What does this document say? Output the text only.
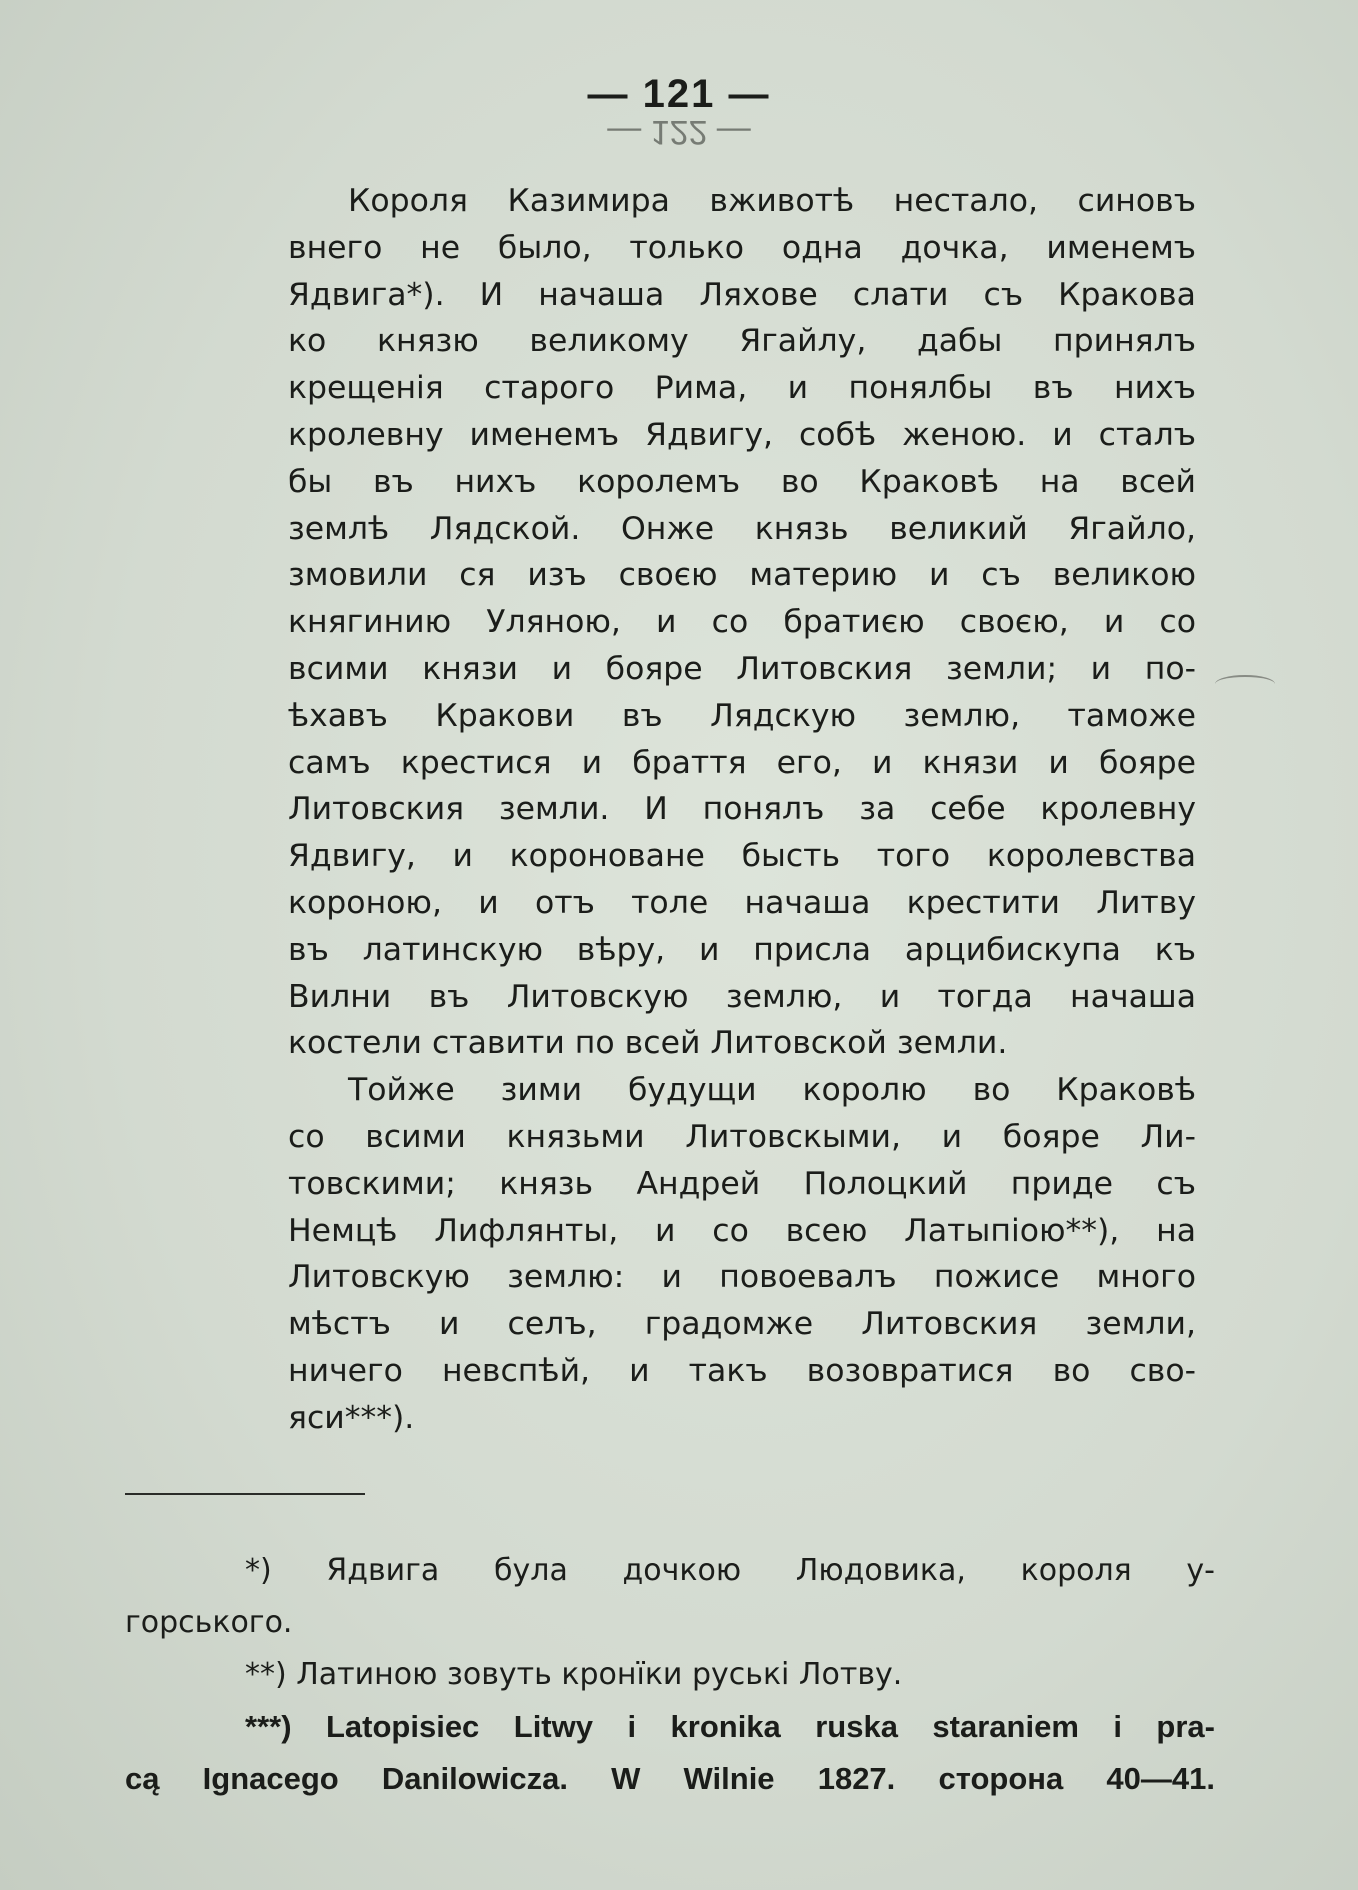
— 121 —
— 122 —
Короля Казимира вживотѣ нестало, синовъ
внего не было, только одна дочка, именемъ
Ядвига*). И начаша Ляхове слати съ Кракова
ко князю великому Ягайлу, дабы принялъ
крещенiя старого Рима, и понялбы въ нихъ
кролевну именемъ Ядвигу, собѣ женою. и сталъ
бы въ нихъ королемъ во Краковѣ на всей
землѣ Лядской. Онже князь великий Ягайло,
змовили ся изъ своєю материю и съ великою
княгинию Уляною, и со братиєю своєю, и со
всими князи и бояре Литовския земли; и по-
ѣхавъ Кракови въ Лядскую землю, таможе
самъ крестися и браття его, и князи и бояре
Литовския земли. И понялъ за себе кролевну
Ядвигу, и короноване бысть того королевства
короною, и отъ толе начаша крестити Литву
въ латинскую вѣру, и присла арцибискупа къ
Вилни въ Литовскую землю, и тогда начаша
костели ставити по всей Литовской земли.
Тойже зими будущи королю во Краковѣ
со всими князьми Литовскыми, и бояре Ли-
товскими; князь Андрей Полоцкий приде съ
Немцѣ Лифлянты, и со всею Латыпiою**), на
Литовскую землю: и повоевалъ пожисе много
мѣстъ и селъ, градомже Литовския земли,
ничего невспѣй, и такъ возовратися во сво-
яси***).
*) Ядвига була дочкою Людовика, короля у-
горського.
**) Латиною зовуть кронїки руськi Лотву.
***) Latopisiec Litwy i kronika ruska staraniem i pra-
cą Ignacego Danilowicza. W Wilnie 1827. сторона 40—41.
